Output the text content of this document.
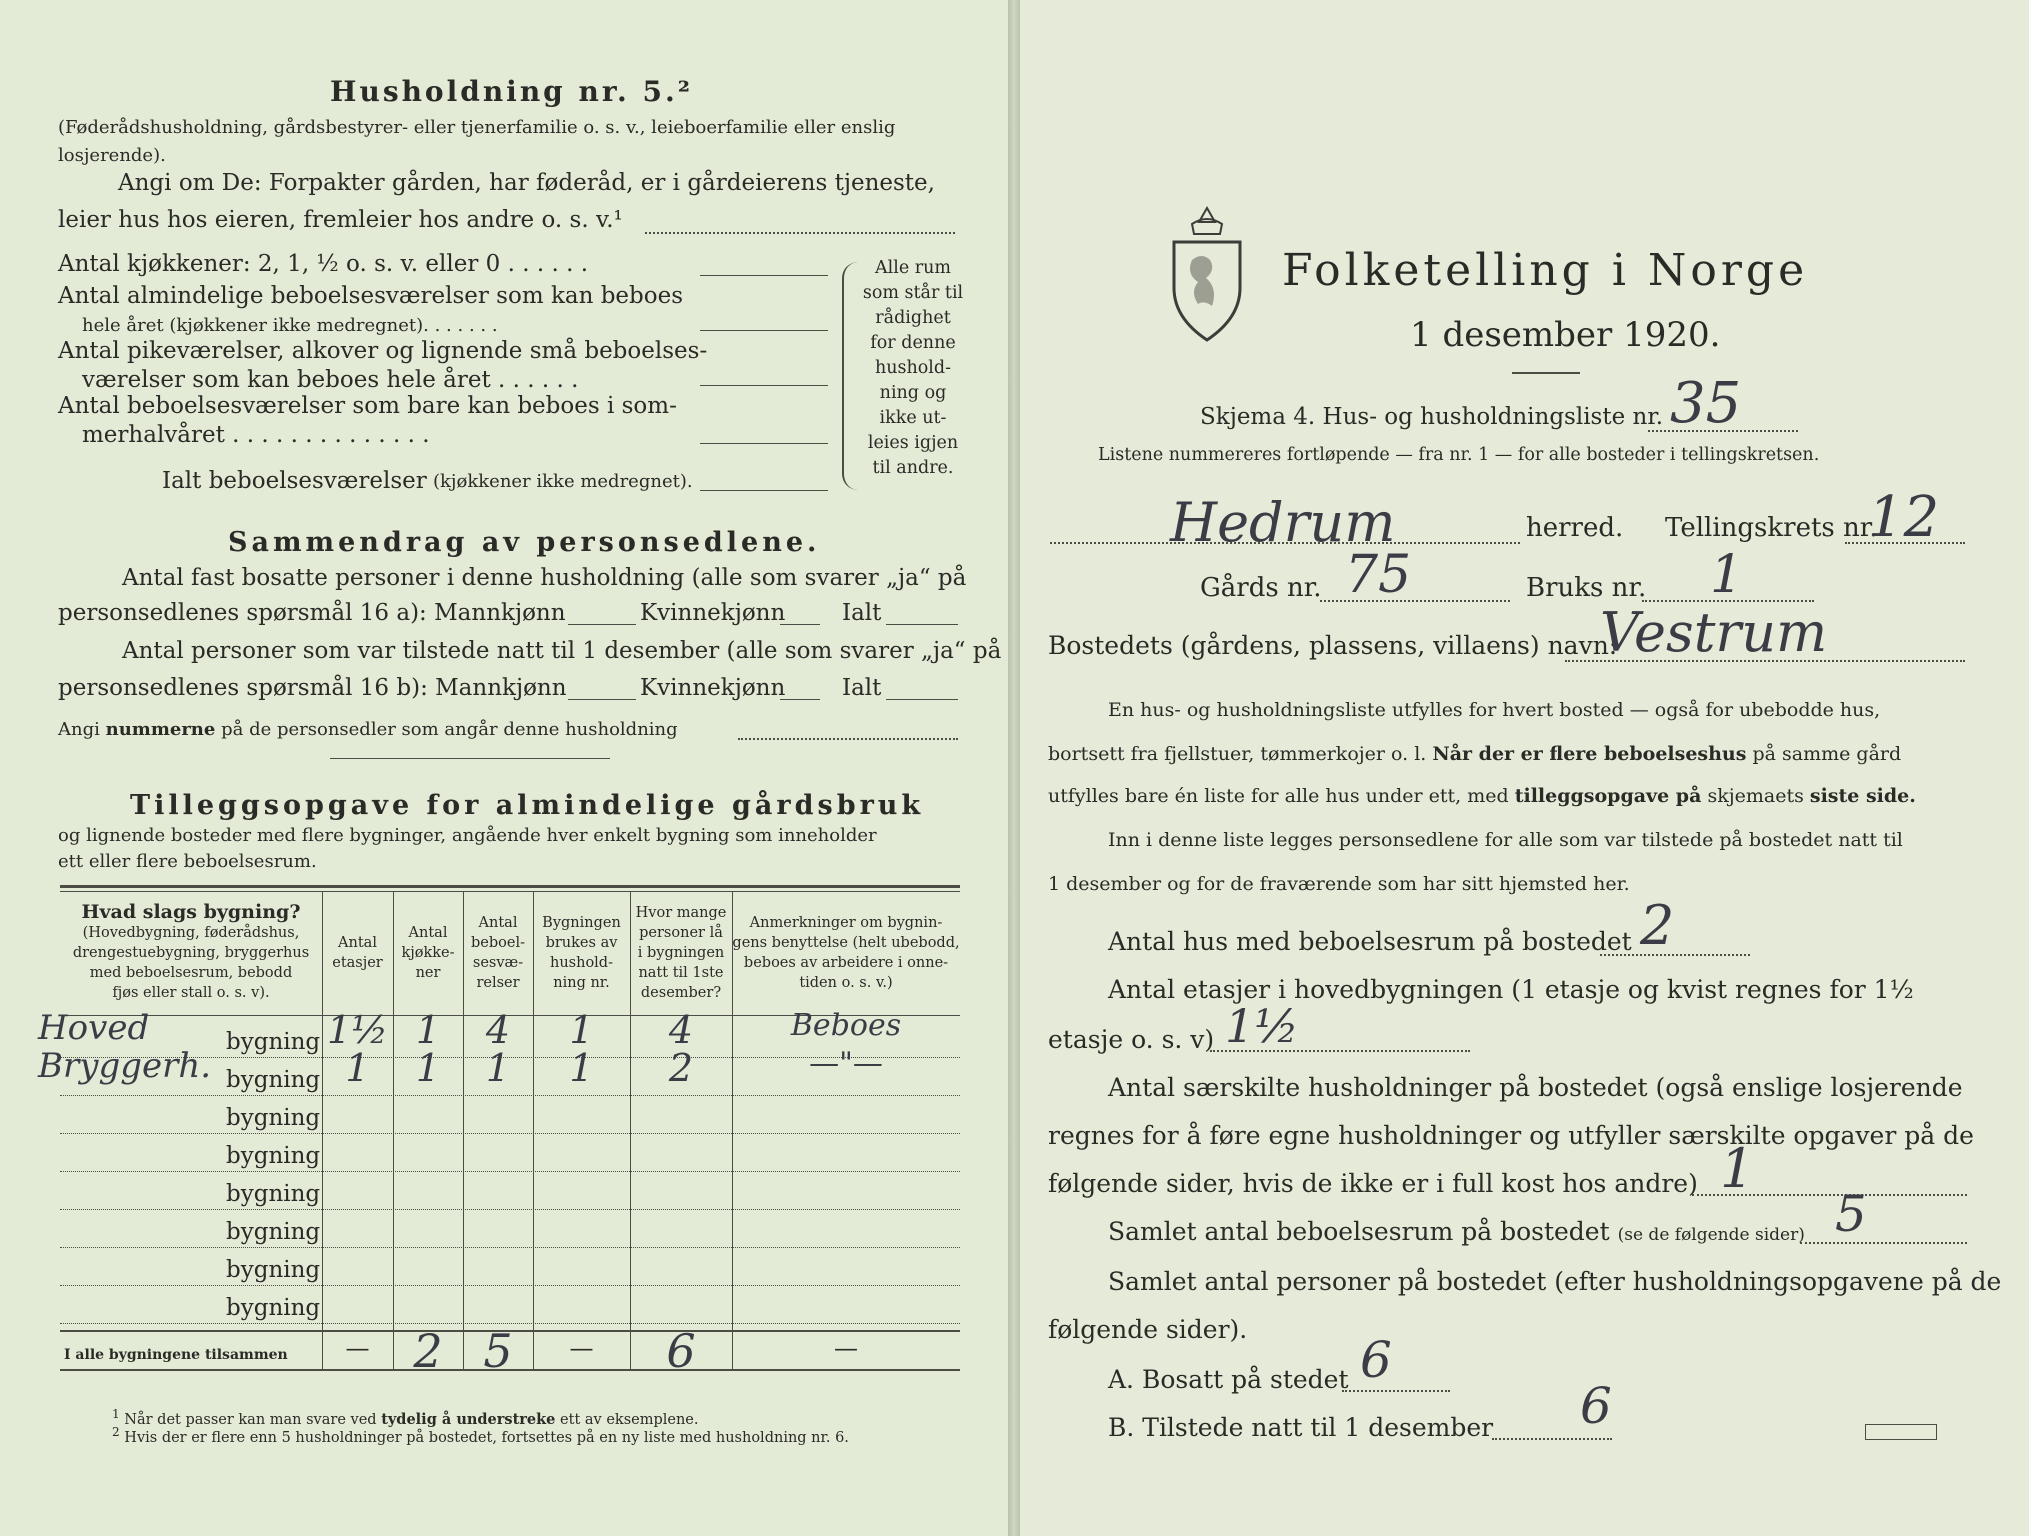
Husholdning nr. 5.²
(Føderådshusholdning, gårdsbestyrer- eller tjenerfamilie o. s. v., leieboerfamilie eller enslig losjerende).
Angi om De: Forpakter gården, har føderåd, er i gårdeierens tjeneste,
leier hus hos eieren, fremleier hos andre o. s. v.¹
Antal kjøkkener: 2, 1, ½ o. s. v. eller 0 . . . . . .
Antal almindelige beboelsesværelser som kan beboes
hele året (kjøkkener ikke medregnet). . . . . . .
Antal pikeværelser, alkover og lignende små beboelses-
værelser som kan beboes hele året . . . . . .
Antal beboelsesværelser som bare kan beboes i som-
merhalvåret . . . . . . . . . . . . . .
Ialt beboelsesværelser (kjøkkener ikke medregnet).
Alle rum
som står til
rådighet
for denne
hushold-
ning og
ikke ut-
leies igjen
til andre.
Sammendrag av personsedlene.
Antal fast bosatte personer i denne husholdning (alle som svarer „ja“ på
personsedlenes spørsmål 16 a): Mannkjønn	Kvinnekjønn Ialt
Antal personer som var tilstede natt til 1 desember (alle som svarer „ja“ på
personsedlenes spørsmål 16 b): Mannkjønn	Kvinnekjønn Ialt
Angi nummerne på de personsedler som angår denne husholdning
Tilleggsopgave for almindelige gårdsbruk
og lignende bosteder med flere bygninger, angående hver enkelt bygning som inneholder
ett eller flere beboelsesrum.
Hvad slags bygning?
(Hovedbygning, føderådshus,
drengestuebygning, bryggerhus
med beboelsesrum, bebodd
fjøs eller stall o. s. v).
Antal
etasjer
Antal
kjøkke-
ner
Antal
beboel-
sesvæ-
relser
Bygningen
brukes av
hushold-
ning nr.
Hvor mange
personer lå
i bygningen
natt til 1ste
desember?
Anmerkninger om bygnin-
gens benyttelse (helt ubebodd,
beboes av arbeidere i onne-
tiden o. s. v.)
Hoved	bygning 1½ 1	4	1	4	Beboes
Bryggerh. bygning 1	1	1	1	2	—"—
bygning
bygning
bygning
bygning
bygning
bygning
I alle bygningene tilsammen	— 2 5	—	6	—
$^1$ Når det passer kan man svare ved tydelig å understreke ett av eksemplene.
$^2$ Hvis der er flere enn 5 husholdninger på bostedet, fortsettes på en ny liste med husholdning nr. 6.
Folketelling i Norge
1 desember 1920.
Skjema 4. Hus- og husholdningsliste nr. 35
Listene nummereres fortløpende — fra nr. 1 — for alle bosteder i tellingskretsen.
Hedrum	herred. Tellingskrets nr.
12
Gårds nr. 75	Bruks nr. 1
Bostedets (gårdens, plassens, villaens) navn:
Vestrum
En hus- og husholdningsliste utfylles for hvert bosted — også for ubebodde hus,
bortsett fra fjellstuer, tømmerkojer o. l. Når der er flere beboelseshus på samme gård
utfylles bare én liste for alle hus under ett, med tilleggsopgave på skjemaets siste side.
Inn i denne liste legges personsedlene for alle som var tilstede på bostedet natt til
1 desember og for de fraværende som har sitt hjemsted her.
Antal hus med beboelsesrum på bostedet 2
Antal etasjer i hovedbygningen (1 etasje og kvist regnes for 1½
etasje o. s. v) 1½
Antal særskilte husholdninger på bostedet (også enslige losjerende
regnes for å føre egne husholdninger og utfyller særskilte opgaver på de
følgende sider, hvis de ikke er i full kost hos andre) 1
Samlet antal beboelsesrum på bostedet (se de følgende sider) 5
Samlet antal personer på bostedet (efter husholdningsopgavene på de
følgende sider).
A. Bosatt på stedet 6
B. Tilstede natt til 1 desember 6
